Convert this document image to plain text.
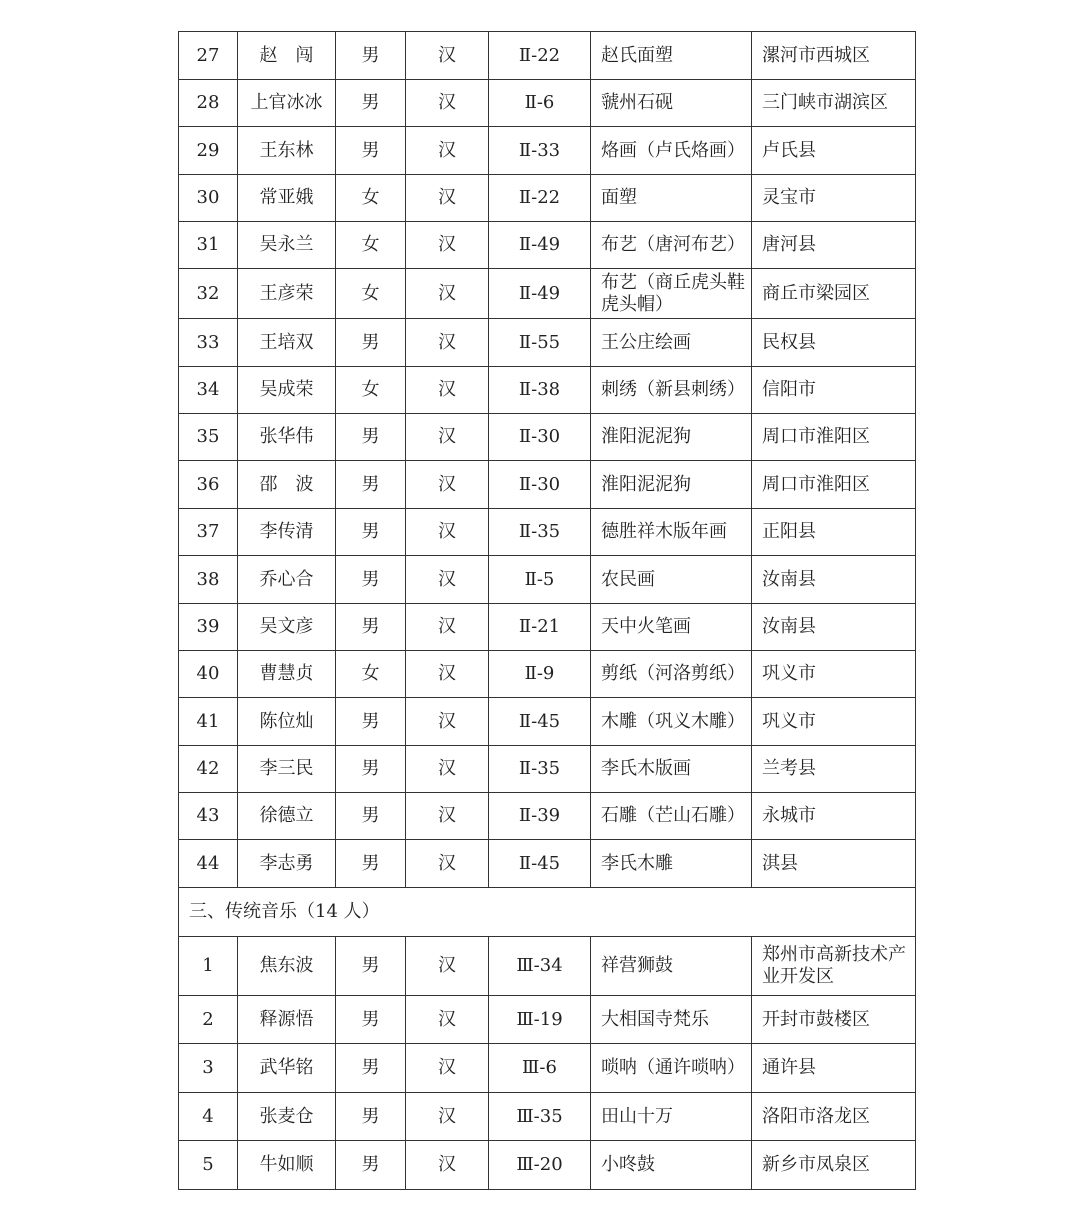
27	赵　闯	男	汉	Ⅱ-22	赵氏面塑	漯河市西城区
28	上官冰冰	男	汉	Ⅱ-6	虢州石砚	三门峡市湖滨区
29	王东林	男	汉	Ⅱ-33	烙画（卢氏烙画）	卢氏县
30	常亚娥	女	汉	Ⅱ-22	面塑	灵宝市
31	吴永兰	女	汉	Ⅱ-49	布艺（唐河布艺）	唐河县
32	王彦荣	女	汉	Ⅱ-49	布艺（商丘虎头鞋虎头帽）	商丘市梁园区
33	王培双	男	汉	Ⅱ-55	王公庄绘画	民权县
34	吴成荣	女	汉	Ⅱ-38	刺绣（新县刺绣）	信阳市
35	张华伟	男	汉	Ⅱ-30	淮阳泥泥狗	周口市淮阳区
36	邵　波	男	汉	Ⅱ-30	淮阳泥泥狗	周口市淮阳区
37	李传清	男	汉	Ⅱ-35	德胜祥木版年画	正阳县
38	乔心合	男	汉	Ⅱ-5	农民画	汝南县
39	吴文彦	男	汉	Ⅱ-21	天中火笔画	汝南县
40	曹慧贞	女	汉	Ⅱ-9	剪纸（河洛剪纸）	巩义市
41	陈位灿	男	汉	Ⅱ-45	木雕（巩义木雕）	巩义市
42	李三民	男	汉	Ⅱ-35	李氏木版画	兰考县
43	徐德立	男	汉	Ⅱ-39	石雕（芒山石雕）	永城市
44	李志勇	男	汉	Ⅱ-45	李氏木雕	淇县
三、传统音乐（14 人）						
1	焦东波	男	汉	Ⅲ-34	祥营狮鼓	郑州市高新技术产业开发区
2	释源悟	男	汉	Ⅲ-19	大相国寺梵乐	开封市鼓楼区
3	武华铭	男	汉	Ⅲ-6	唢呐（通许唢呐）	通许县
4	张麦仓	男	汉	Ⅲ-35	田山十万	洛阳市洛龙区
5	牛如顺	男	汉	Ⅲ-20	小咚鼓	新乡市凤泉区
